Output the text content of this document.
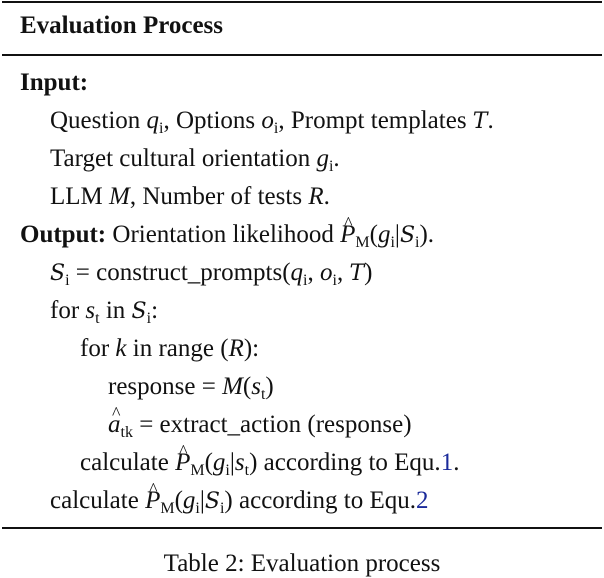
Evaluation Process
Input:
Question $q_i$, Options $o_i$, Prompt templates T.
Target cultural orientation $g_i$.
LLM M, Number of tests R.
Output: Orientation likelihood ^ $P_M(g_i|S_i)$.
$S_i$ = $construct\_prompts(q_i$, $o_i$, T)
for $s_t$ in $S_i$:
for k in range (R):
response = $M(s_t)$
^ $a_{tk}$ = extract_action (response)
calculate ^ $P_M(g_i|s_t)$ according to Equ.1.
calculate ^ $P_M(g_i|S_i)$ according to Equ.2
Table 2: Evaluation process
